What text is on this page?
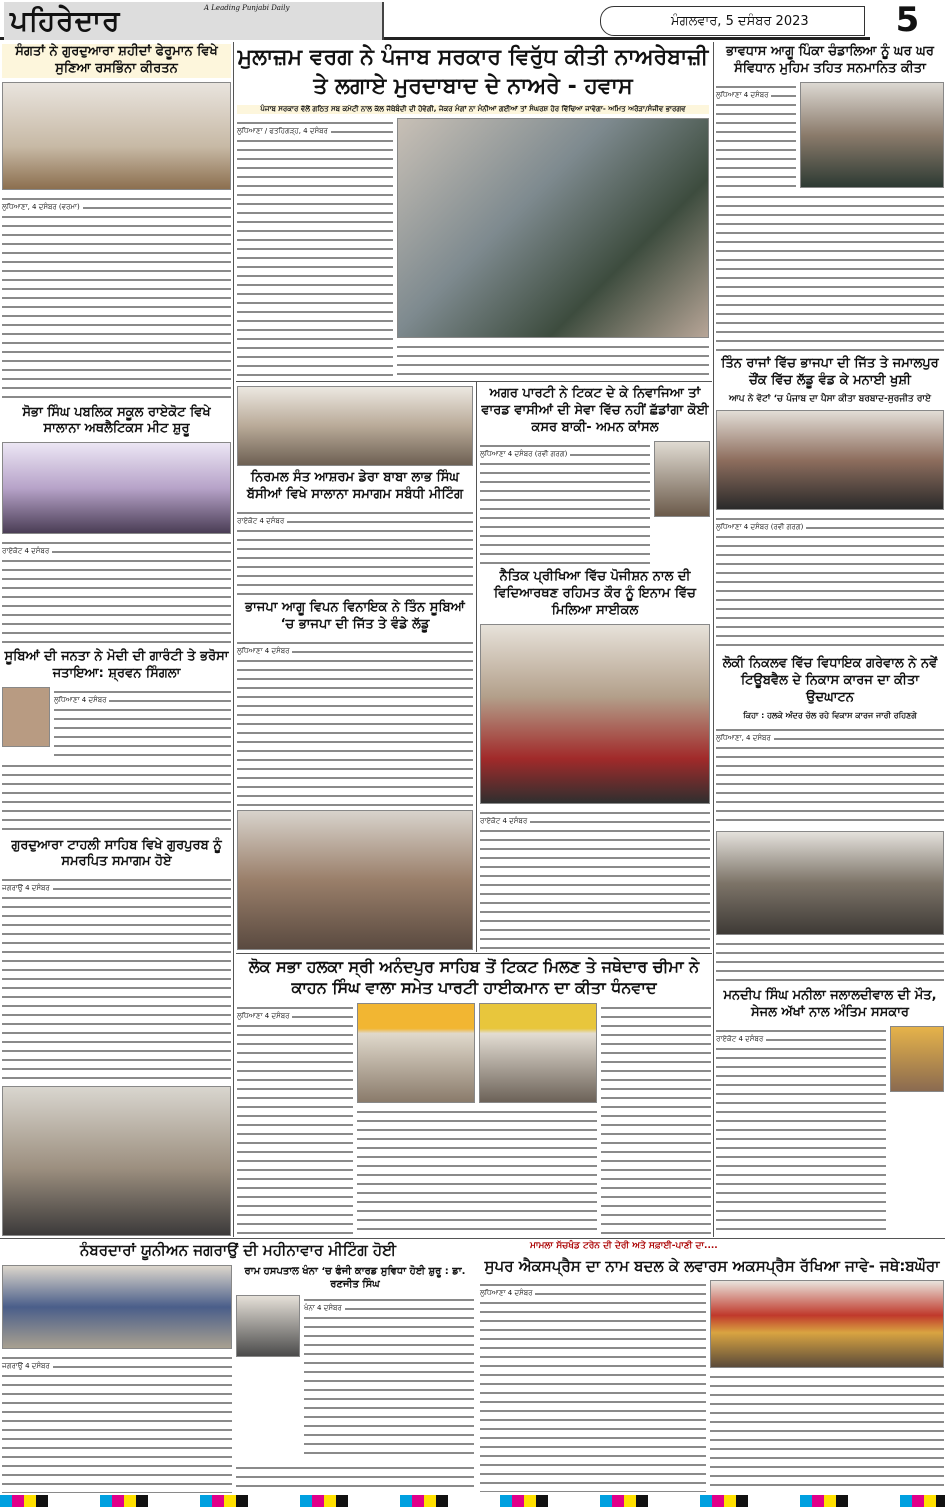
ਪਹਿਰੇਦਾਰ	A Leading Punjabi Daily
ਮੰਗਲਵਾਰ, 5 ਦਸੰਬਰ 2023	5
ਸੰਗਤਾਂ ਨੇ ਗੁਰਦੁਆਰਾ ਸ਼ਹੀਦਾਂ ਫੇਰੂਮਾਨ ਵਿਖੇ ਸੁਣਿਆ ਰਸਭਿੰਨਾ ਕੀਰਤਨ
ਲੁਧਿਆਣਾ, 4 ਦਸੰਬਰ (ਵਰਮਾ)
ਸੋਭਾ ਸਿੰਘ ਪਬਲਿਕ ਸਕੂਲ ਰਾਏਕੋਟ ਵਿਖੇ ਸਾਲਾਨਾ ਅਥਲੈਟਿਕਸ ਮੀਟ ਸ਼ੁਰੂ
ਰਾਏਕੋਟ 4 ਦਸੰਬਰ
ਸੂਬਿਆਂ ਦੀ ਜਨਤਾ ਨੇ ਮੋਦੀ ਦੀ ਗਾਰੰਟੀ ਤੇ ਭਰੋਸਾ ਜਤਾਇਆ: ਸ਼੍ਰਵਨ ਸਿੰਗਲਾ
ਲੁਧਿਆਣਾ 4 ਦਸੰਬਰ
ਗੁਰਦੁਆਰਾ ਟਾਹਲੀ ਸਾਹਿਬ ਵਿਖੇ ਗੁਰਪੁਰਬ ਨੂੰ ਸਮਰਪਿਤ ਸਮਾਗਮ ਹੋਏ
ਜਗਰਾਉਂ 4 ਦਸੰਬਰ
ਮੁਲਾਜ਼ਮ ਵਰਗ ਨੇ ਪੰਜਾਬ ਸਰਕਾਰ ਵਿਰੁੱਧ ਕੀਤੀ ਨਾਅਰੇਬਾਜ਼ੀ ਤੇ ਲਗਾਏ ਮੁਰਦਾਬਾਦ ਦੇ ਨਾਅਰੇ - ਹਵਾਸ
ਪੰਜਾਬ ਸਰਕਾਰ ਵੱਲੋਂ ਗਠਿਤ ਸਬ ਕਮੇਟੀ ਨਾਲ ਕੱਲ ਜੱਥੇਬੰਦੀ ਦੀ ਹੋਵੇਗੀ, ਜੇਕਰ ਮੰਗਾਂ ਨਾ ਮੰਨੀਆਂ ਗਈਆਂ ਤਾਂ ਸੰਘਰਸ਼ ਹੋਰ ਵਿੱਢਿਆ ਜਾਵੇਗਾ- ਅਮਿਤ ਅਰੋੜਾ/ਸੰਜੀਵ ਭਾਰਗਵ
ਲੁਧਿਆਣਾ / ਫਤਹਿਗੜ੍ਹ, 4 ਦਸੰਬਰ
ਨਿਰਮਲ ਸੰਤ ਆਸ਼ਰਮ ਡੇਰਾ ਬਾਬਾ ਲਾਭ ਸਿੰਘ ਬੱਸੀਆਂ ਵਿਖੇ ਸਾਲਾਨਾ ਸਮਾਗਮ ਸਬੰਧੀ ਮੀਟਿੰਗ
ਰਾਏਕੋਟ 4 ਦਸੰਬਰ
ਭਾਜਪਾ ਆਗੂ ਵਿਪਨ ਵਿਨਾਇਕ ਨੇ ਤਿੰਨ ਸੂਬਿਆਂ ‘ਚ ਭਾਜਪਾ ਦੀ ਜਿੱਤ ਤੇ ਵੰਡੇ ਲੱਡੂ
ਲੁਧਿਆਣਾ 4 ਦਸੰਬਰ
ਅਗਰ ਪਾਰਟੀ ਨੇ ਟਿਕਟ ਦੇ ਕੇ ਨਿਵਾਜਿਆ ਤਾਂ ਵਾਰਡ ਵਾਸੀਆਂ ਦੀ ਸੇਵਾ ਵਿੱਚ ਨਹੀਂ ਛੱਡਾਂਗਾ ਕੋਈ ਕਸਰ ਬਾਕੀ- ਅਮਨ ਕਾਂਸਲ
ਲੁਧਿਆਣਾ 4 ਦਸੰਬਰ (ਰਵੀ ਗਰਗ)
ਨੈਤਿਕ ਪ੍ਰੀਖਿਆ ਵਿੱਚ ਪੋਜੀਸ਼ਨ ਨਾਲ ਦੀ ਵਿਦਿਆਰਥਣ ਰਹਿਮਤ ਕੌਰ ਨੂੰ ਇਨਾਮ ਵਿੱਚ ਮਿਲਿਆ ਸਾਈਕਲ
ਰਾਏਕੋਟ 4 ਦਸੰਬਰ
ਭਾਵਧਾਸ ਆਗੂ ਪਿੰਕਾ ਚੰਡਾਲਿਆ ਨੂੰ ਘਰ ਘਰ ਸੰਵਿਧਾਨ ਮੁਹਿਮ ਤਹਿਤ ਸਨਮਾਨਿਤ ਕੀਤਾ
ਲੁਧਿਆਣਾ 4 ਦਸੰਬਰ
ਤਿੰਨ ਰਾਜਾਂ ਵਿੱਚ ਭਾਜਪਾ ਦੀ ਜਿੱਤ ਤੇ ਜਮਾਲਪੁਰ ਚੌਂਕ ਵਿੱਚ ਲੱਡੂ ਵੰਡ ਕੇ ਮਨਾਈ ਖੁਸ਼ੀ
ਆਪ ਨੇ ਵੋਟਾਂ ‘ਚ ਪੰਜਾਬ ਦਾ ਪੈਸਾ ਕੀਤਾ ਬਰਬਾਦ-ਸੁਰਜੀਤ ਰਾਏ
ਲੁਧਿਆਣਾ 4 ਦਸੰਬਰ (ਰਵੀ ਗਰਗ)
ਲੋਕੀ ਨਿਕਲਵ ਵਿੱਚ ਵਿਧਾਇਕ ਗਰੇਵਾਲ ਨੇ ਨਵੇਂ ਟਿਊਬਵੈਲ ਦੇ ਨਿਕਾਸ ਕਾਰਜ ਦਾ ਕੀਤਾ ਉਦਘਾਟਨ
ਕਿਹਾ : ਹਲਕੇ ਅੰਦਰ ਚੱਲ ਰਹੇ ਵਿਕਾਸ ਕਾਰਜ ਜਾਰੀ ਰਹਿਣਗੇ
ਲੁਧਿਆਣਾ, 4 ਦਸੰਬਰ
ਮਨਦੀਪ ਸਿੰਘ ਮਨੀਲਾ ਜਲਾਲਦੀਵਾਲ ਦੀ ਮੌਤ, ਸੇਜਲ ਅੱਖਾਂ ਨਾਲ ਅੰਤਿਮ ਸਸਕਾਰ
ਰਾਏਕੋਟ 4 ਦਸੰਬਰ
ਲੋਕ ਸਭਾ ਹਲਕਾ ਸ੍ਰੀ ਅਨੰਦਪੁਰ ਸਾਹਿਬ ਤੋਂ ਟਿਕਟ ਮਿਲਣ ਤੇ ਜਥੇਦਾਰ ਚੀਮਾ ਨੇ ਕਾਹਨ ਸਿੰਘ ਵਾਲਾ ਸਮੇਤ ਪਾਰਟੀ ਹਾਈਕਮਾਨ ਦਾ ਕੀਤਾ ਧੰਨਵਾਦ
ਲੁਧਿਆਣਾ 4 ਦਸੰਬਰ
ਨੰਬਰਦਾਰਾਂ ਯੂਨੀਅਨ ਜਗਰਾਉਂ ਦੀ ਮਹੀਨਾਵਾਰ ਮੀਟਿੰਗ ਹੋਈ
ਜਗਰਾਉਂ 4 ਦਸੰਬਰ
ਰਾਮ ਹਸਪਤਾਲ ਖੰਨਾ ‘ਚ ਫੰਜੀ ਕਾਰਡ ਸੁਵਿਧਾ ਹੋਈ ਸ਼ੁਰੂ : ਡਾ. ਰਣਜੀਤ ਸਿੰਘ
ਖੰਨਾ 4 ਦਸੰਬਰ
ਮਾਮਲਾ ਸੱਚਖੰਡ ਟਰੇਨ ਦੀ ਦੇਰੀ ਅਤੇ ਸਫ਼ਾਈ-ਪਾਣੀ ਦਾ....
ਸੁਪਰ ਐਕਸਪ੍ਰੈਸ ਦਾ ਨਾਮ ਬਦਲ ਕੇ ਲਵਾਰਸ ਅਕਸਪ੍ਰੈਸ ਰੱਖਿਆ ਜਾਵੇ- ਜਥੇ:ਬਘੌਰਾ
ਲੁਧਿਆਣਾ 4 ਦਸੰਬਰ
